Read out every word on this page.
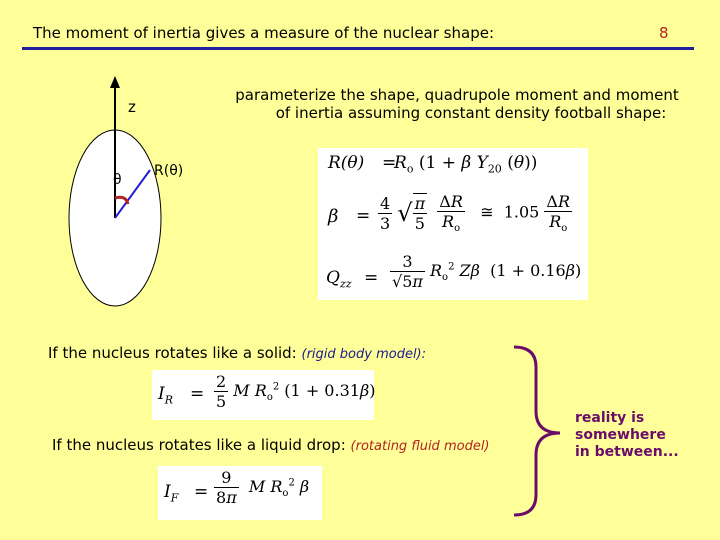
The moment of inertia gives a measure of the nuclear shape:	8
parameterize the shape, quadrupole moment and moment
of inertia assuming constant density football shape:
z
θ
R(θ)	R(θ) =
$R_o$ (1 + β $Y_{20}$ (θ))
$\beta = \frac{4}{3}$ √ $\frac{\pi}{5}$
$\frac{\Delta R}{R_o}$ ≅  $1.05 \frac{\Delta R}{R_o}$
$Q_{zz} = \frac{3}{√5\pi} R_o^2$ Zβ  (1 + 0.16β)
If the nucleus rotates like a solid: (rigid body model):
$I_R = \frac{2}{5}$ M $R_o^2$ (1 + 0.31β)
If the nucleus rotates like a liquid drop: (rotating fluid model)
$I_F = \frac{9}{8\pi}$ M $R_o^2$ β
reality is
somewhere
in between...
